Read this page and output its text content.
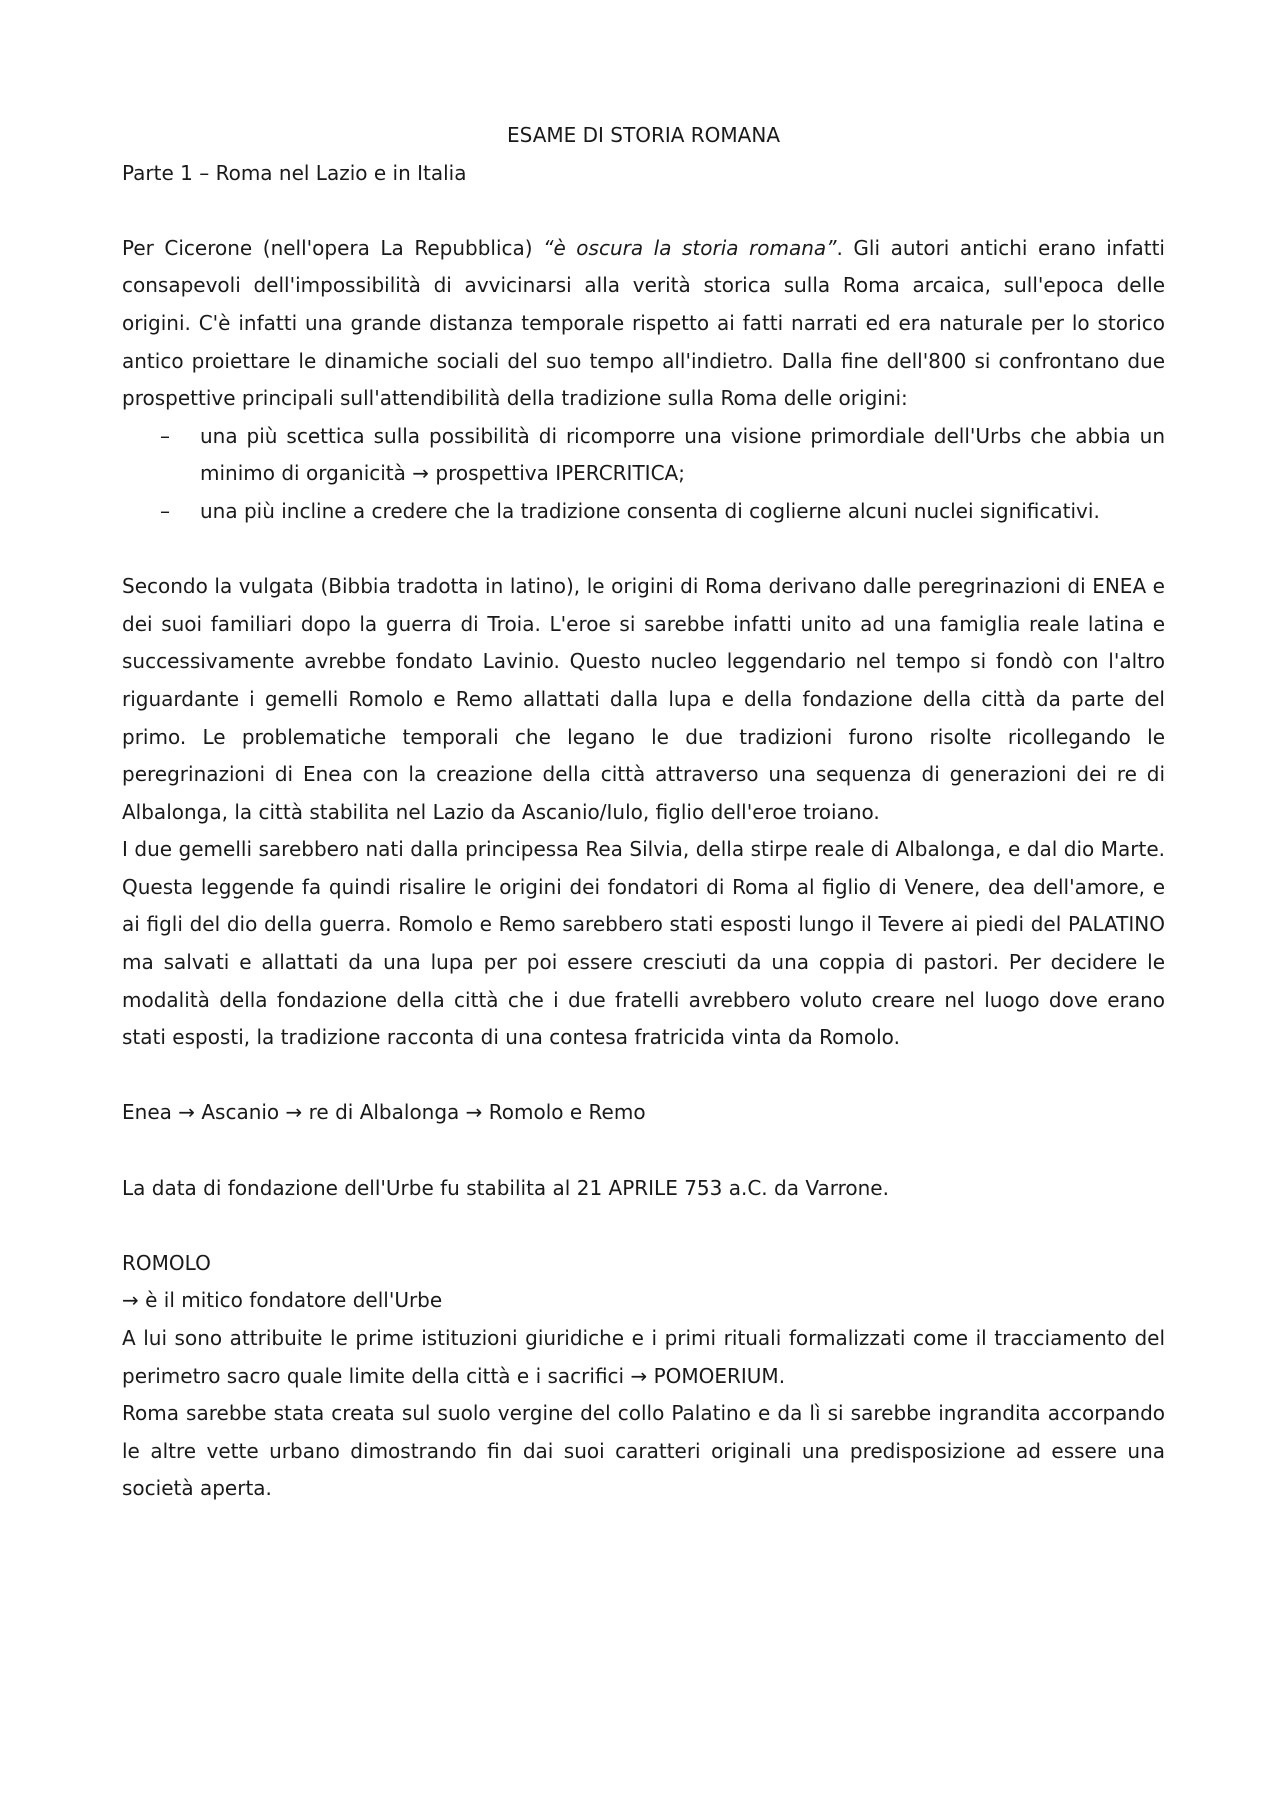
ESAME DI STORIA ROMANA

Parte 1 – Roma nel Lazio e in Italia

Per Cicerone (nell'opera La Repubblica) “è oscura la storia romana”. Gli autori antichi erano infatti consapevoli dell'impossibilità di avvicinarsi alla verità storica sulla Roma arcaica, sull'epoca delle origini. C'è infatti una grande distanza temporale rispetto ai fatti narrati ed era naturale per lo storico antico proiettare le dinamiche sociali del suo tempo all'indietro. Dalla fine dell'800 si confrontano due prospettive principali sull'attendibilità della tradizione sulla Roma delle origini:

– una più scettica sulla possibilità di ricomporre una visione primordiale dell'Urbs che abbia un minimo di organicità → prospettiva IPERCRITICA;
– una più incline a credere che la tradizione consenta di coglierne alcuni nuclei significativi.

Secondo la vulgata (Bibbia tradotta in latino), le origini di Roma derivano dalle peregrinazioni di ENEA e dei suoi familiari dopo la guerra di Troia. L'eroe si sarebbe infatti unito ad una famiglia reale latina e successivamente avrebbe fondato Lavinio. Questo nucleo leggendario nel tempo si fondò con l'altro riguardante i gemelli Romolo e Remo allattati dalla lupa e della fondazione della città da parte del primo. Le problematiche temporali che legano le due tradizioni furono risolte ricollegando le peregrinazioni di Enea con la creazione della città attraverso una sequenza di generazioni dei re di Albalonga, la città stabilita nel Lazio da Ascanio/Iulo, figlio dell'eroe troiano.

I due gemelli sarebbero nati dalla principessa Rea Silvia, della stirpe reale di Albalonga, e dal dio Marte. Questa leggende fa quindi risalire le origini dei fondatori di Roma al figlio di Venere, dea dell'amore, e ai figli del dio della guerra. Romolo e Remo sarebbero stati esposti lungo il Tevere ai piedi del PALATINO ma salvati e allattati da una lupa per poi essere cresciuti da una coppia di pastori. Per decidere le modalità della fondazione della città che i due fratelli avrebbero voluto creare nel luogo dove erano stati esposti, la tradizione racconta di una contesa fratricida vinta da Romolo.

Enea → Ascanio → re di Albalonga → Romolo e Remo

La data di fondazione dell'Urbe fu stabilita al 21 APRILE 753 a.C. da Varrone.

ROMOLO

→ è il mitico fondatore dell'Urbe

A lui sono attribuite le prime istituzioni giuridiche e i primi rituali formalizzati come il tracciamento del perimetro sacro quale limite della città e i sacrifici → POMOERIUM.

Roma sarebbe stata creata sul suolo vergine del collo Palatino e da lì si sarebbe ingrandita accorpando le altre vette urbano dimostrando fin dai suoi caratteri originali una predisposizione ad essere una società aperta.
